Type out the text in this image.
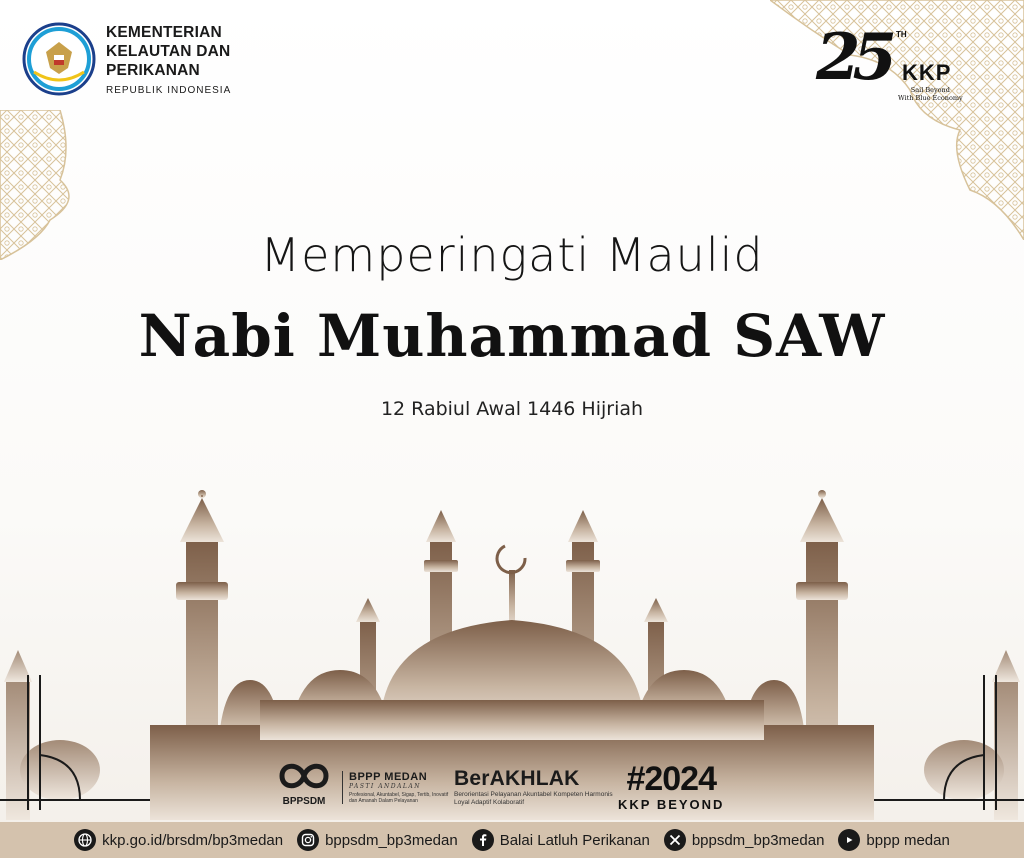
KEMENTERIAN
KELAUTAN DAN
PERIKANAN
REPUBLIK INDONESIA	25 TH
KKP
Sail Beyond
With Blue Economy
Memperingati Maulid
Nabi Muhammad SAW
12 Rabiul Awal 1446 Hijriah
BPPSDM
BPPP MEDAN
PASTI ANDALAN
Profesional, Akuntabel, Sigap, Tertib, Inovatif dan Amanah Dalam Pelayanan
BerAKHLAK
Berorientasi Pelayanan Akuntabel Kompeten Harmonis Loyal Adaptif Kolaboratif
#2024
KKP BEYOND
kkp.go.id/brsdm/bp3medan	bppsdm_bp3medan	Balai Latluh Perikanan	bppsdm_bp3medan	bppp medan
